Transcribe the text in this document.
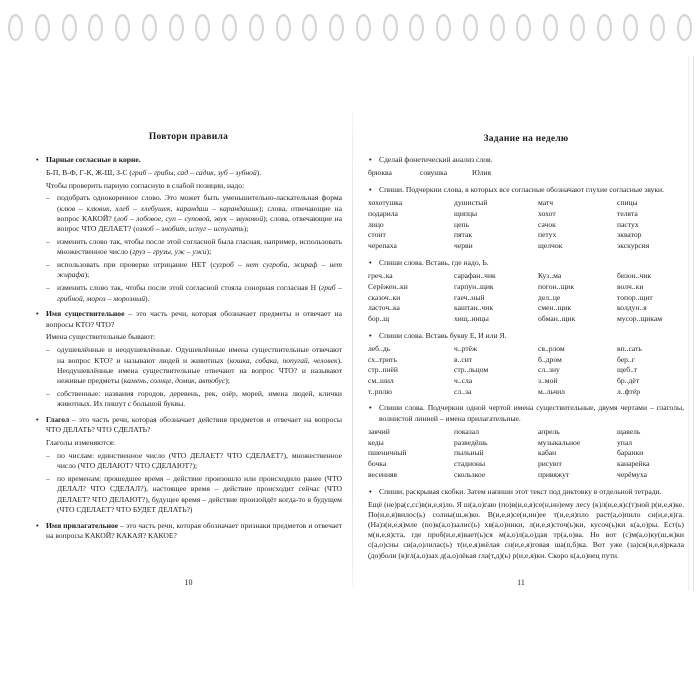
Повтори правила
• Парные согласные в корне.
Б-П, В-Ф, Г-К, Ж-Ш, З-С (гриб – грибы, сад – садик, зуб – зубной).
Чтобы проверить парную согласную в слабой позиции, надо:
– подобрать однокоренное слово. Это может быть уменьшительно-ласкательная форма (клюв – клювик, хлеб – хлебушек, карандаш – карандашик); слова, отвечающие на вопрос КАКОЙ? (лоб – лобовое, суп – суповой, звук – звуковой); слова, отвечающие на вопрос ЧТО ДЕЛАЕТ? (озноб – знобит, испуг – испугать);
– изменить слово так, чтобы после этой согласной была гласная, например, использовать множественное число (груз – грузы, уж – ужи);
– использовать при проверке отрицание НЕТ (сугроб – нет сугроба, жираф – нет жирафа);
– изменить слово так, чтобы после этой согласной стояла сонорная согласная Н (гриб – грибной, мороз – морозный).
• Имя существительное – это часть речи, которая обозначает предметы и отвечает на вопросы КТО? ЧТО?
Имена существительные бывают:
– одушевлённые и неодушевлённые. Одушевлённые имена существительные отвечают на вопрос КТО? и называют людей и животных (кошка, собака, попугай, человек). Неодушевлённые имена существительные отвечают на вопрос ЧТО? и называют неживые предметы (камень, солнце, домик, автобус);
– собственные: названия городов, деревень, рек, озёр, морей, имена людей, клички животных. Их пишут с большой буквы.
• Глагол – это часть речи, которая обозначает действия предметов и отвечает на вопросы ЧТО ДЕЛАТЬ? ЧТО СДЕЛАТЬ?
Глаголы изменяются:
– по числам: единственное число (ЧТО ДЕЛАЕТ? ЧТО СДЕЛАЕТ?), множественное число (ЧТО ДЕЛАЮТ? ЧТО СДЕЛАЮТ?);
– по временам: прошедшее время – действие произошло или происходило ранее (ЧТО ДЕЛАЛ? ЧТО СДЕЛАЛ?), настоящее время – действие происходит сейчас (ЧТО ДЕЛАЕТ? ЧТО ДЕЛАЮТ?), будущее время – действие произойдёт когда-то в будущем (ЧТО СДЕЛАЕТ? ЧТО БУДЕТ ДЕЛАТЬ?)
• Имя прилагательное – это часть речи, которая обозначает признаки предметов и отвечает на вопросы КАКОЙ? КАКАЯ? КАКОЕ?
10
Задание на неделю
• Сделай фонетический анализ слов.
брюква	совушка	Юлия
• Спиши. Подчеркни слова, в которых все согласные обозначают глухие согласные звуки.
хохотушка	душистый	матч	спицы
подарила	щипцы	хохот	телята
лицо	цепь	сачок	пастух
стоит	пятак	петух	экватор
черепаха	черви	щелчок	экскурсия
• Спиши слова. Вставь, где надо, Ь.
греч..ка	сарафан..чик	Куз..ма	бизон..чик
Серёжен..ки	гарпун..щик	погон..щик	волч..ки
сказоч..ки	гаеч..ный	дел..це	топор..щит
ласточ..ка	каштан..чик	смен..щик	колдун..я
бор..щ	хищ..ницы	обман..щик	мусор..щикам
• Спиши слова. Вставь букву Е, И или Я.
леб..дь	ч..ртёж	св..рлом	вп..сать
сх..трить	в..сит	б..дром	бер..г
стр..пнёй	стр..льцом	сл..зну	щеб..т
см..шил	ч..сла	з..мой	бр..дёт
т..рплю	сл..за	м..льчил	л..фтёр
• Спиши слова. Подчеркни одной чертой имена существительные, двумя чертами – глаголы, волнистой линией – имена прилагательные.
заячий	показал	апрель	щавель
кеды	разведёшь	музыкальное	упал
пшеничный	пыльный	кабан	баранки
бочка	стадионы	рисуют	канарейка
весенняя	скользкое	привяжут	черёмуха
• Спиши, раскрывая скобки. Затем напиши этот текст под диктовку в отдельной тетради.
Ещё (не)ра(с,сс)в(и,е,я)ло. Я ш(а,о)гаю (по)в(и,е,я)се(н,нн)ему лесу (к)л(и,е,я)с(т)ной р(и,е,я)ке. По(и,е,я)вилос(ь) солны(ш,ж)ко. В(и,е,я)се(н,нн)ее т(и,е,я)пло раст(а,о)пило сн(и,е,я)га. (На)з(и,е,я)мле (по)к(а,о)залис(ь) хв(а,о)инки, л(и,е,я)сточ(ь)ки, кусоч(ь)ки к(а,о)ры. Ест(ь) м(и,е,я)ста, где проб(и,е,я)вает(ь)ся м(а,о)л(а,о)дая тр(а,о)ва. Но вот (с)м(а,о)ку(ш,ж)ки с(а,о)сны св(а,о)лилас(ь) т(и,е,я)жёлая сн(и,е,я)говая ша(п,б)ка. Вот уже (за)св(и,е,я)ркала (до)боли (в)гл(а,о)зах д(а,о)лёкая гла(т,д)(ь) р(и,е,я)ки. Скоро к(а,о)нец пути.
11
